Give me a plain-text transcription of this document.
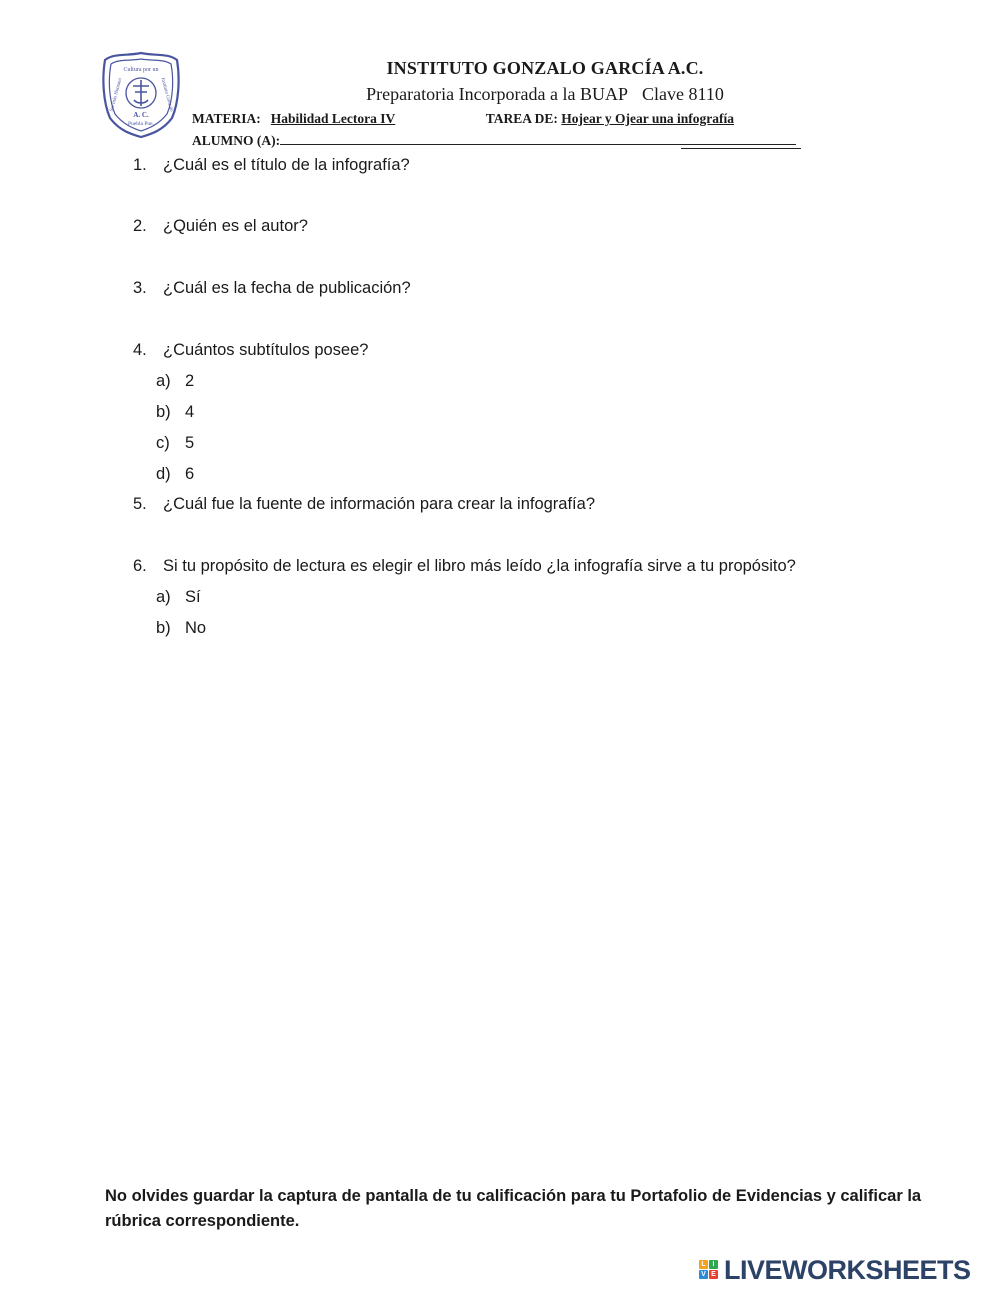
Cultura por un
Ser más Humano	Instituto Gonzalo
A. C.
Puebla Pue.
INSTITUTO GONZALO GARCÍA A.C.
Preparatoria Incorporada a la BUAP Clave 8110
MATERIA: Habilidad Lectora IV	TAREA DE: Hojear y Ojear una infografía
ALUMNO (A):
1. ¿Cuál es el título de la infografía?
2. ¿Quién es el autor?
3. ¿Cuál es la fecha de publicación?
4. ¿Cuántos subtítulos posee?
a) 2
b) 4
c) 5
d) 6
5. ¿Cuál fue la fuente de información para crear la infografía?
6. Si tu propósito de lectura es elegir el libro más leído ¿la infografía sirve a tu propósito?
a) Sí
b) No
No olvides guardar la captura de pantalla de tu calificación para tu Portafolio de Evidencias y calificar la rúbrica correspondiente.
L I
V E LIVEWORKSHEETS
